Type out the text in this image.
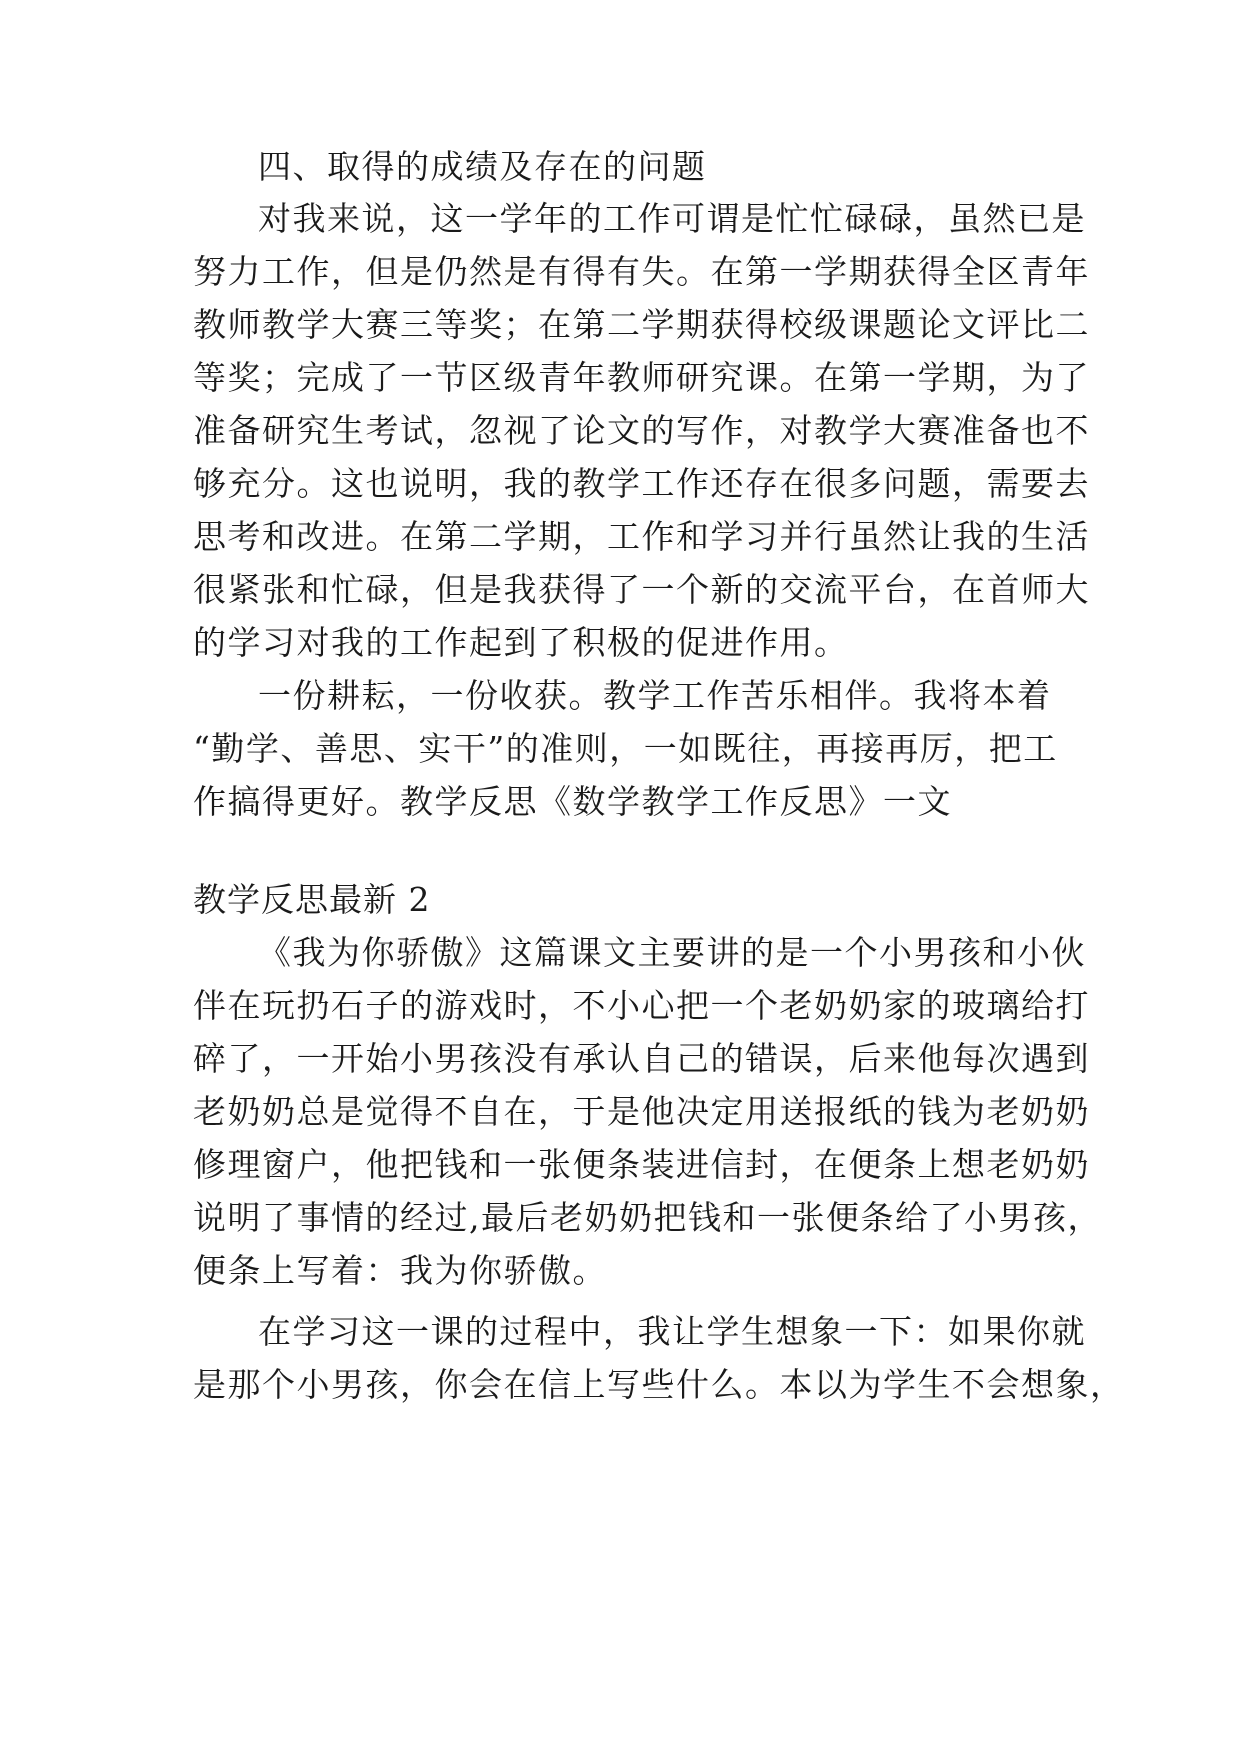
四、取得的成绩及存在的问题
对我来说，这一学年的工作可谓是忙忙碌碌，虽然已是
努力工作，但是仍然是有得有失。在第一学期获得全区青年
教师教学大赛三等奖；在第二学期获得校级课题论文评比二
等奖；完成了一节区级青年教师研究课。在第一学期，为了
准备研究生考试，忽视了论文的写作，对教学大赛准备也不
够充分。这也说明，我的教学工作还存在很多问题，需要去
思考和改进。在第二学期，工作和学习并行虽然让我的生活
很紧张和忙碌，但是我获得了一个新的交流平台，在首师大
的学习对我的工作起到了积极的促进作用。
一份耕耘，一份收获。教学工作苦乐相伴。我将本着
“勤学、善思、实干”的准则，一如既往，再接再厉，把工
作搞得更好。教学反思《数学教学工作反思》一文
教学反思最新 2
《我为你骄傲》这篇课文主要讲的是一个小男孩和小伙
伴在玩扔石子的游戏时，不小心把一个老奶奶家的玻璃给打
碎了，一开始小男孩没有承认自己的错误，后来他每次遇到
老奶奶总是觉得不自在，于是他决定用送报纸的钱为老奶奶
修理窗户，他把钱和一张便条装进信封，在便条上想老奶奶
说明了事情的经过,最后老奶奶把钱和一张便条给了小男孩，
便条上写着：我为你骄傲。
在学习这一课的过程中，我让学生想象一下：如果你就
是那个小男孩，你会在信上写些什么。本以为学生不会想象，
